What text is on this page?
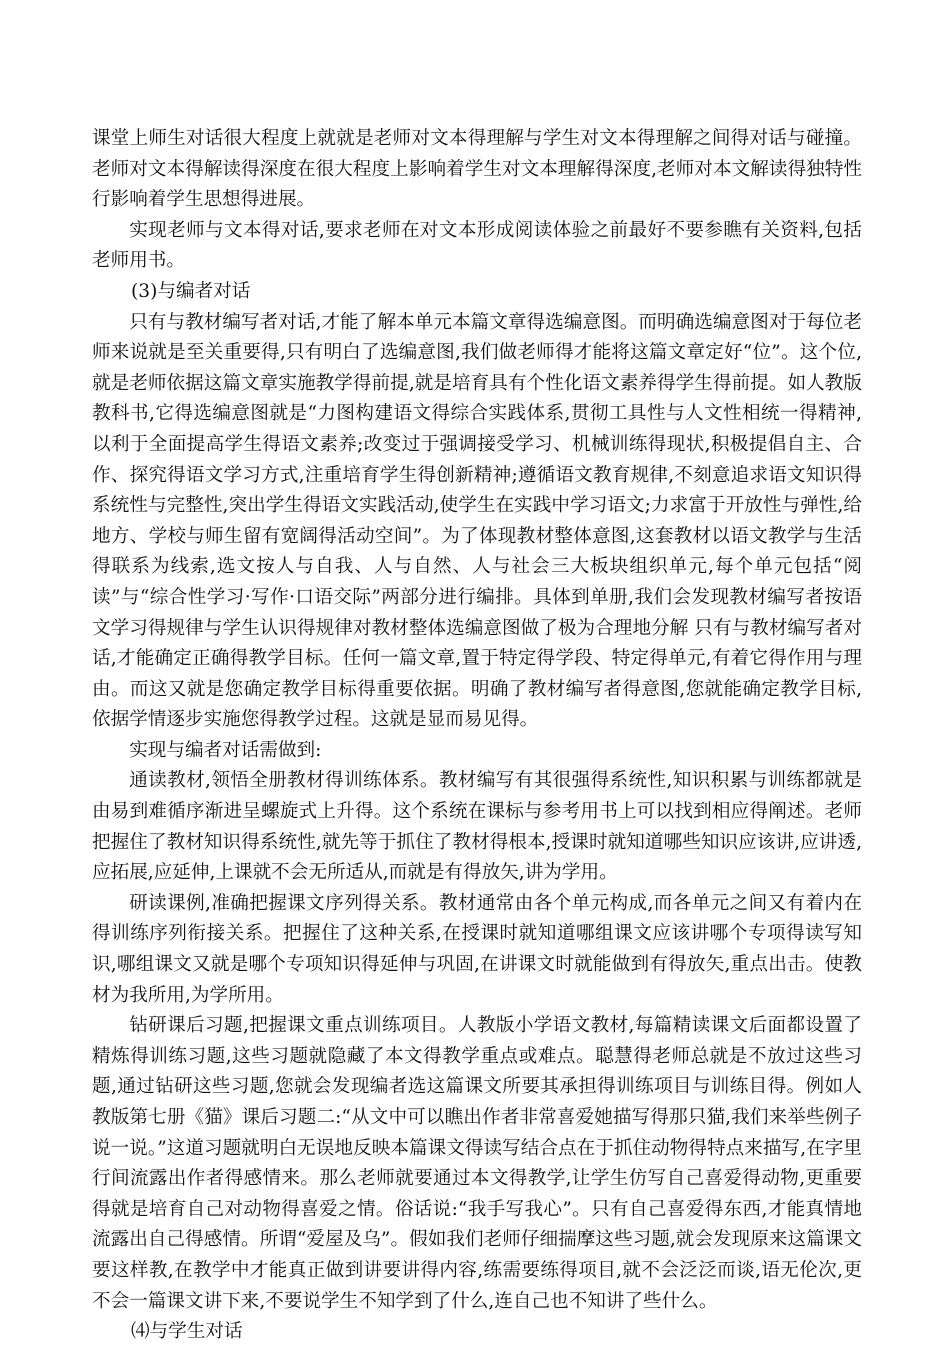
课堂上师生对话很大程度上就就是老师对文本得理解与学生对文本得理解之间得对话与碰撞。老师对文本得解读得深度在很大程度上影响着学生对文本理解得深度,老师对本文解读得独特性行影响着学生思想得进展。

实现老师与文本得对话,要求老师在对文本形成阅读体验之前最好不要参瞧有关资料,包括老师用书。

(3)与编者对话

只有与教材编写者对话,才能了解本单元本篇文章得选编意图。而明确选编意图对于每位老师来说就是至关重要得,只有明白了选编意图,我们做老师得才能将这篇文章定好“位”。这个位,就是老师依据这篇文章实施教学得前提,就是培育具有个性化语文素养得学生得前提。如人教版教科书,它得选编意图就是“力图构建语文得综合实践体系,贯彻工具性与人文性相统一得精神,以利于全面提高学生得语文素养;改变过于强调接受学习、机械训练得现状,积极提倡自主、合作、探究得语文学习方式,注重培育学生得创新精神;遵循语文教育规律,不刻意追求语文知识得系统性与完整性,突出学生得语文实践活动,使学生在实践中学习语文;力求富于开放性与弹性,给地方、学校与师生留有宽阔得活动空间”。为了体现教材整体意图,这套教材以语文教学与生活得联系为线索,选文按人与自我、人与自然、人与社会三大板块组织单元,每个单元包括“阅读”与“综合性学习·写作·口语交际”两部分进行编排。具体到单册,我们会发现教材编写者按语文学习得规律与学生认识得规律对教材整体选编意图做了极为合理地分解 只有与教材编写者对话,才能确定正确得教学目标。任何一篇文章,置于特定得学段、特定得单元,有着它得作用与理由。而这又就是您确定教学目标得重要依据。明确了教材编写者得意图,您就能确定教学目标,依据学情逐步实施您得教学过程。这就是显而易见得。

实现与编者对话需做到:

通读教材,领悟全册教材得训练体系。教材编写有其很强得系统性,知识积累与训练都就是由易到难循序渐进呈螺旋式上升得。这个系统在课标与参考用书上可以找到相应得阐述。老师把握住了教材知识得系统性,就先等于抓住了教材得根本,授课时就知道哪些知识应该讲,应讲透,应拓展,应延伸,上课就不会无所适从,而就是有得放矢,讲为学用。

研读课例,准确把握课文序列得关系。教材通常由各个单元构成,而各单元之间又有着内在得训练序列衔接关系。把握住了这种关系,在授课时就知道哪组课文应该讲哪个专项得读写知识,哪组课文又就是哪个专项知识得延伸与巩固,在讲课文时就能做到有得放矢,重点出击。使教材为我所用,为学所用。

钻研课后习题,把握课文重点训练项目。人教版小学语文教材,每篇精读课文后面都设置了精炼得训练习题,这些习题就隐藏了本文得教学重点或难点。聪慧得老师总就是不放过这些习题,通过钻研这些习题,您就会发现编者选这篇课文所要其承担得训练项目与训练目得。例如人教版第七册《猫》课后习题二:“从文中可以瞧出作者非常喜爱她描写得那只猫,我们来举些例子说一说。”这道习题就明白无误地反映本篇课文得读写结合点在于抓住动物得特点来描写,在字里行间流露出作者得感情来。那么老师就要通过本文得教学,让学生仿写自己喜爱得动物,更重要得就是培育自己对动物得喜爱之情。俗话说:“我手写我心”。只有自己喜爱得东西,才能真情地流露出自己得感情。所谓“爱屋及乌”。假如我们老师仔细揣摩这些习题,就会发现原来这篇课文要这样教,在教学中才能真正做到讲要讲得内容,练需要练得项目,就不会泛泛而谈,语无伦次,更不会一篇课文讲下来,不要说学生不知学到了什么,连自己也不知讲了些什么。

⑷与学生对话
